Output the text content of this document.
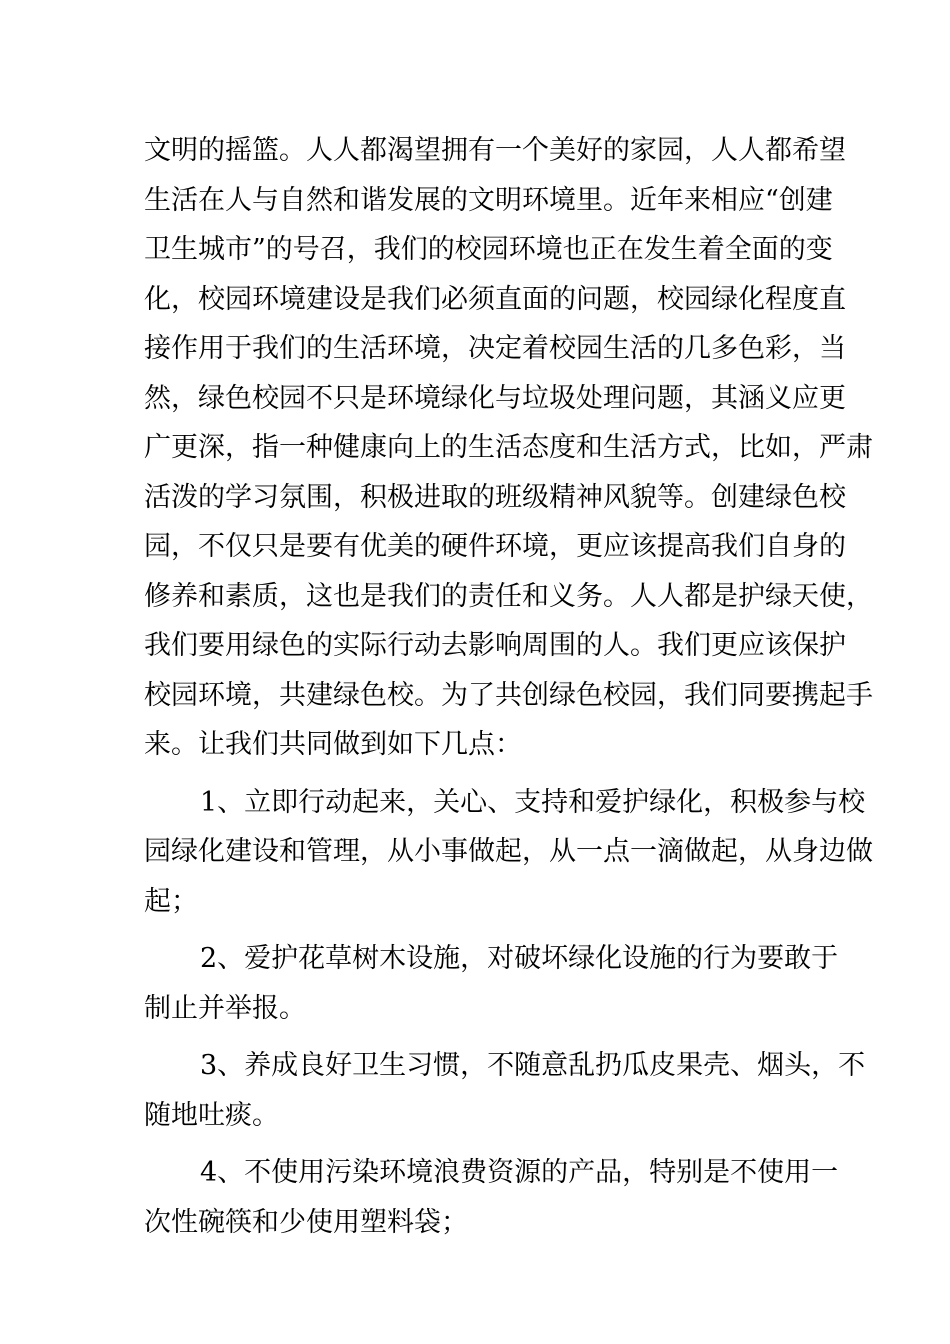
文明的摇篮。人人都渴望拥有一个美好的家园，人人都希望
生活在人与自然和谐发展的文明环境里。近年来相应“创建
卫生城市”的号召，我们的校园环境也正在发生着全面的变
化，校园环境建设是我们必须直面的问题，校园绿化程度直
接作用于我们的生活环境，决定着校园生活的几多色彩，当
然，绿色校园不只是环境绿化与垃圾处理问题，其涵义应更
广更深，指一种健康向上的生活态度和生活方式，比如，严肃
活泼的学习氛围，积极进取的班级精神风貌等。创建绿色校
园，不仅只是要有优美的硬件环境，更应该提高我们自身的
修养和素质，这也是我们的责任和义务。人人都是护绿天使，
我们要用绿色的实际行动去影响周围的人。我们更应该保护
校园环境，共建绿色校。为了共创绿色校园，我们同要携起手
来。让我们共同做到如下几点：
1、立即行动起来，关心、支持和爱护绿化，积极参与校
园绿化建设和管理，从小事做起，从一点一滴做起，从身边做
起；
2、爱护花草树木设施，对破坏绿化设施的行为要敢于
制止并举报。
3、养成良好卫生习惯，不随意乱扔瓜皮果壳、烟头，不
随地吐痰。
4、不使用污染环境浪费资源的产品，特别是不使用一
次性碗筷和少使用塑料袋；
